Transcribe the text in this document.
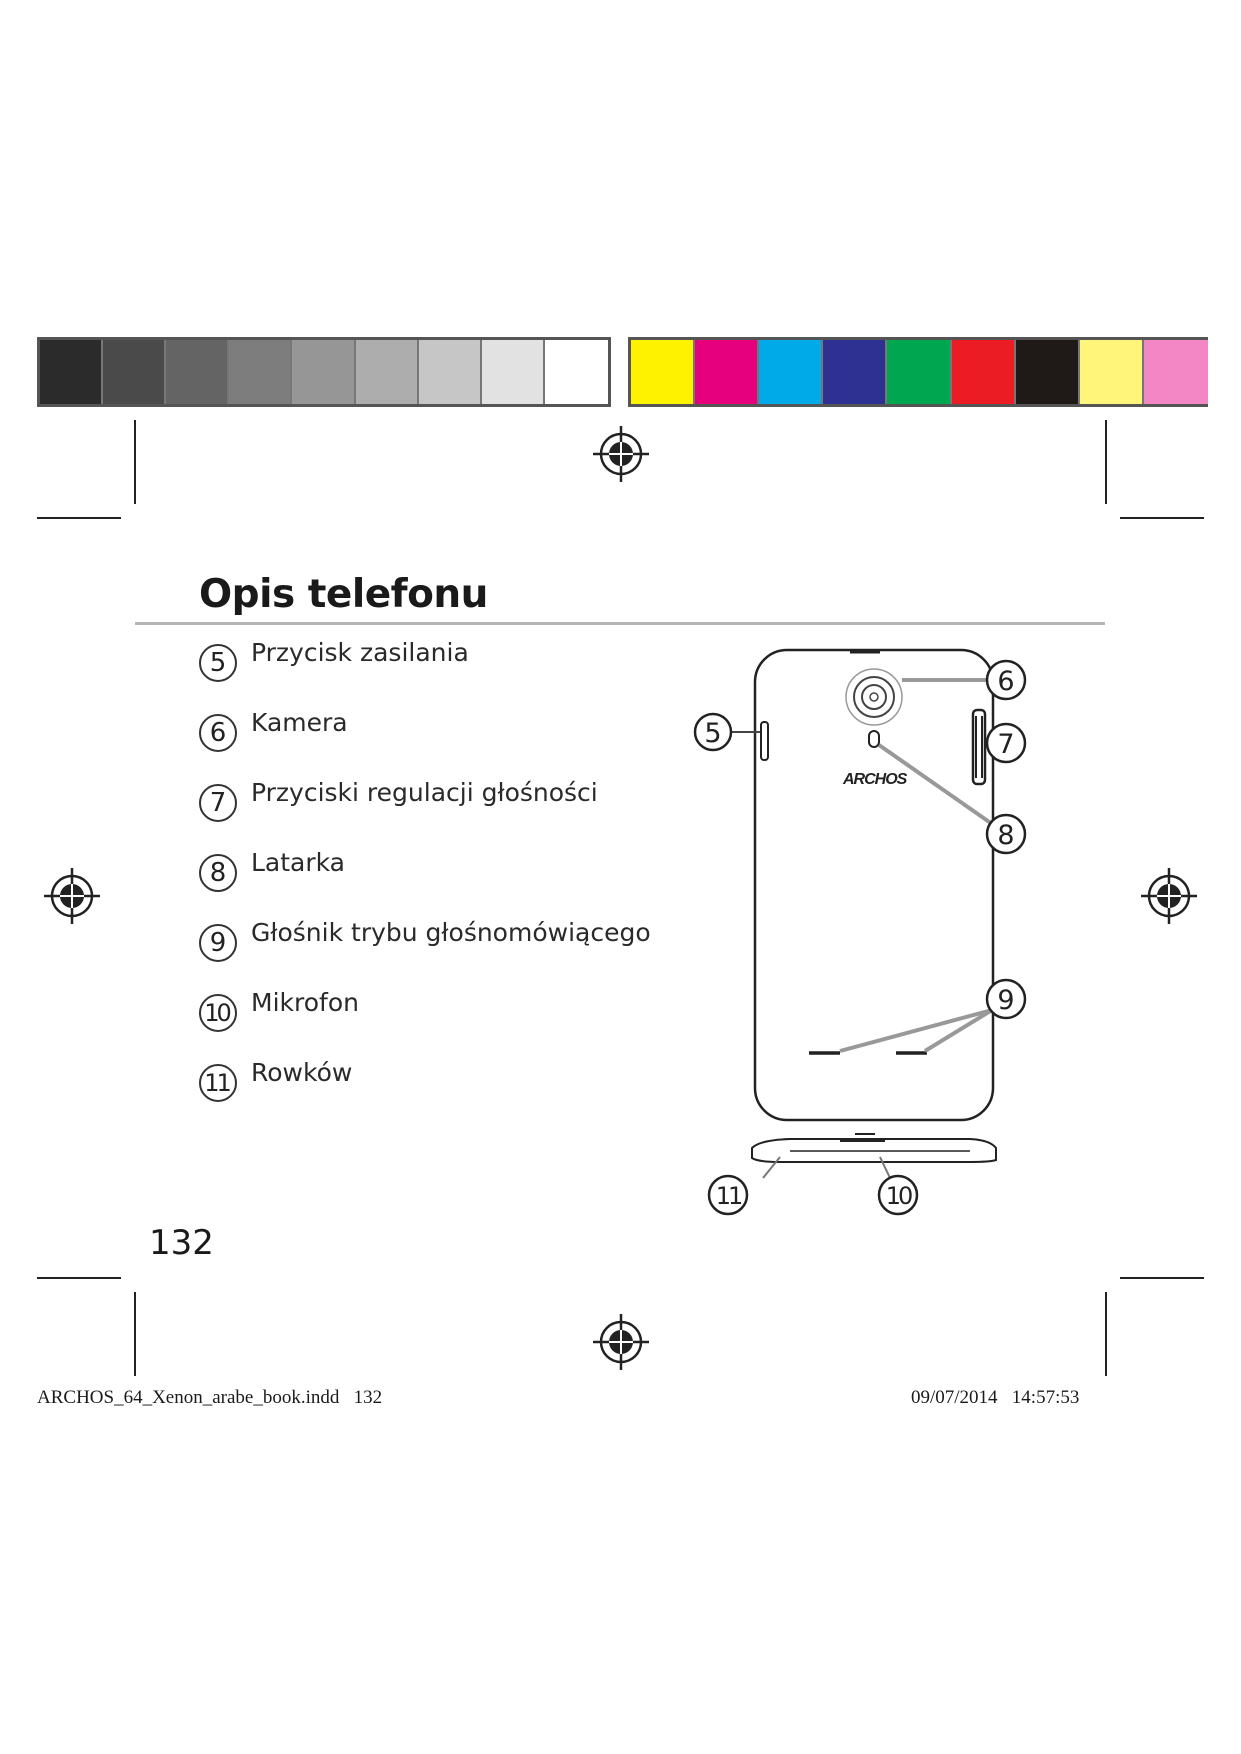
Opis telefonu
5 Przycisk zasilania
6 Kamera
7 Przyciski regulacji głośności
8 Latarka
9 Głośnik trybu głośnomówiącego
10 Mikrofon
11 Rowków
ARCHOS
5
6
7
8
9
11	10
132
ARCHOS_64_Xenon_arabe_book.indd   132	09/07/2014   14:57:53
